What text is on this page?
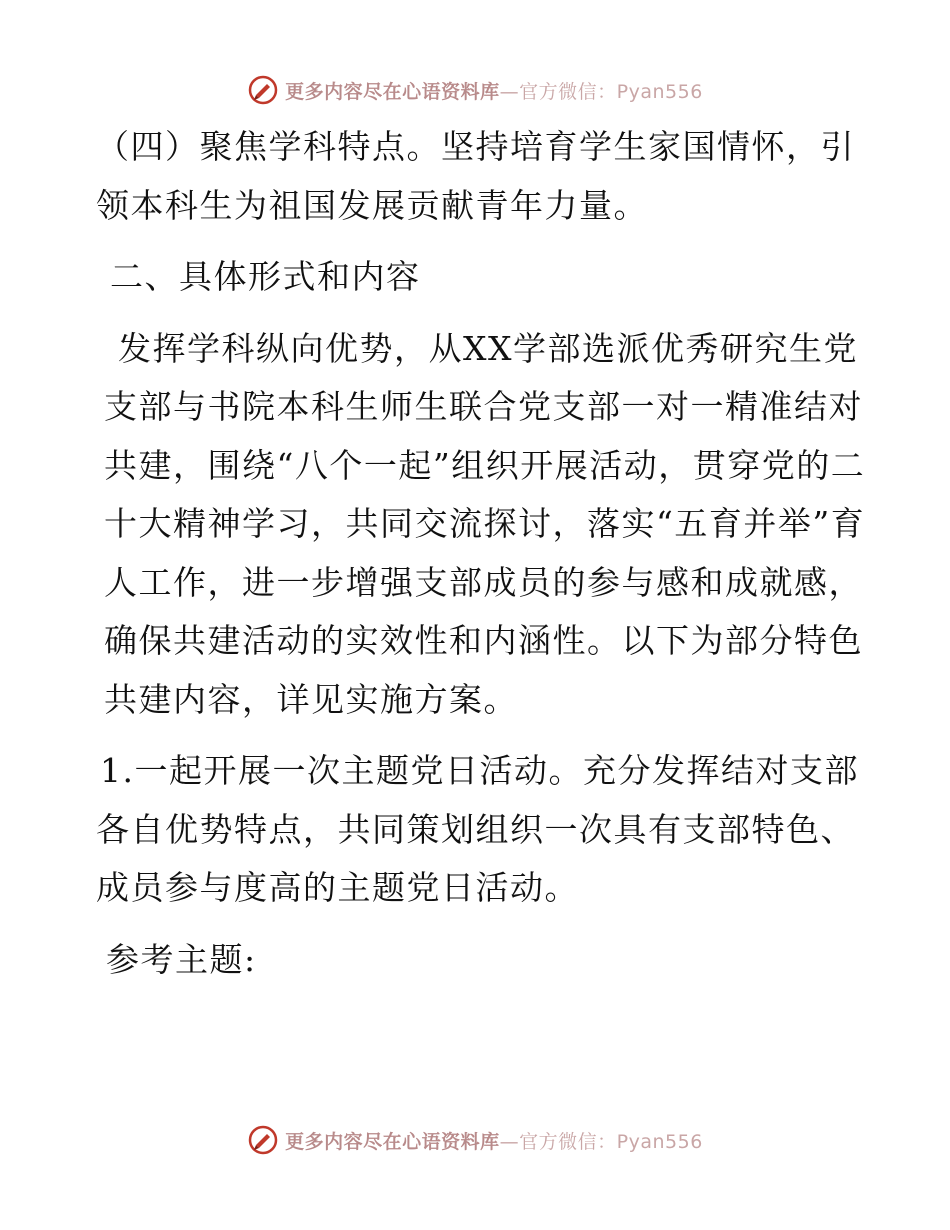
更多内容尽在心语资料库—官方微信：Pyan556

（四）聚焦学科特点。坚持培育学生家国情怀，引领本科生为祖国发展贡献青年力量。

二、具体形式和内容

发挥学科纵向优势，从XX学部选派优秀研究生党支部与书院本科生师生联合党支部一对一精准结对共建，围绕“八个一起”组织开展活动，贯穿党的二十大精神学习，共同交流探讨，落实“五育并举”育人工作，进一步增强支部成员的参与感和成就感，确保共建活动的实效性和内涵性。以下为部分特色共建内容，详见实施方案。

1.一起开展一次主题党日活动。充分发挥结对支部各自优势特点，共同策划组织一次具有支部特色、成员参与度高的主题党日活动。

参考主题:

更多内容尽在心语资料库—官方微信：Pyan556
